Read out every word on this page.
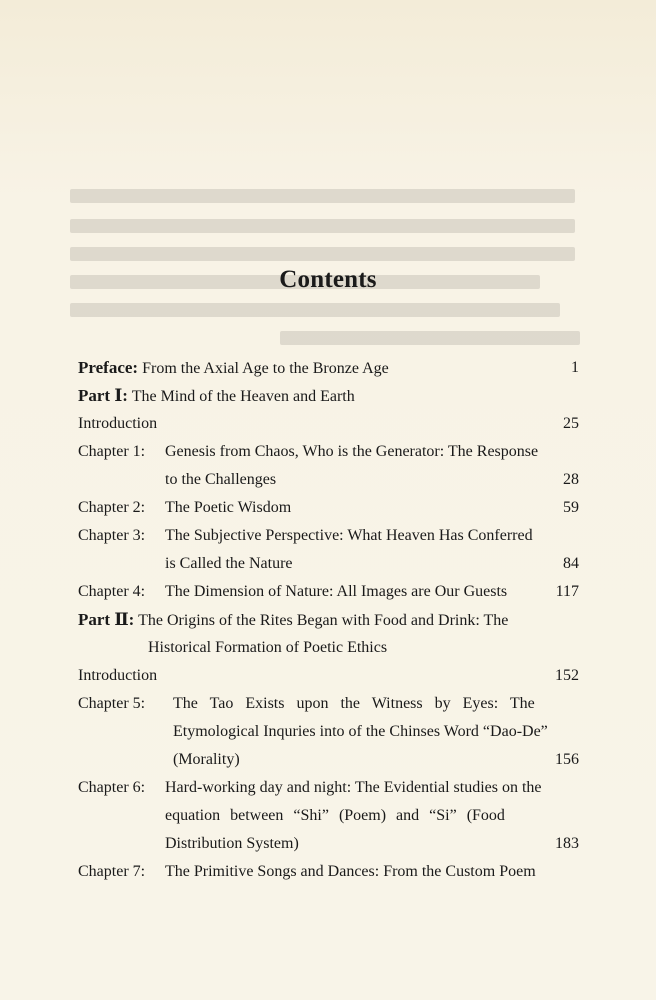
Contents
Preface: From the Axial Age to the Bronze Age	1
Part Ⅰ: The Mind of the Heaven and Earth
Introduction	25
Chapter 1: Genesis from Chaos, Who is the Generator: The Response
to the Challenges	28
Chapter 2: The Poetic Wisdom	59
Chapter 3: The Subjective Perspective: What Heaven Has Conferred
is Called the Nature	84
Chapter 4: The Dimension of Nature: All Images are Our Guests	117
Part Ⅱ: The Origins of the Rites Began with Food and Drink: The
Historical Formation of Poetic Ethics
Introduction	152
Chapter 5: The Tao Exists upon the Witness by Eyes: The
Etymological Inquries into of the Chinses Word “Dao-De”
(Morality)	156
Chapter 6: Hard-working day and night: The Evidential studies on the
equation between “Shi” (Poem) and “Si” (Food
Distribution System)	183
Chapter 7: The Primitive Songs and Dances: From the Custom Poem
